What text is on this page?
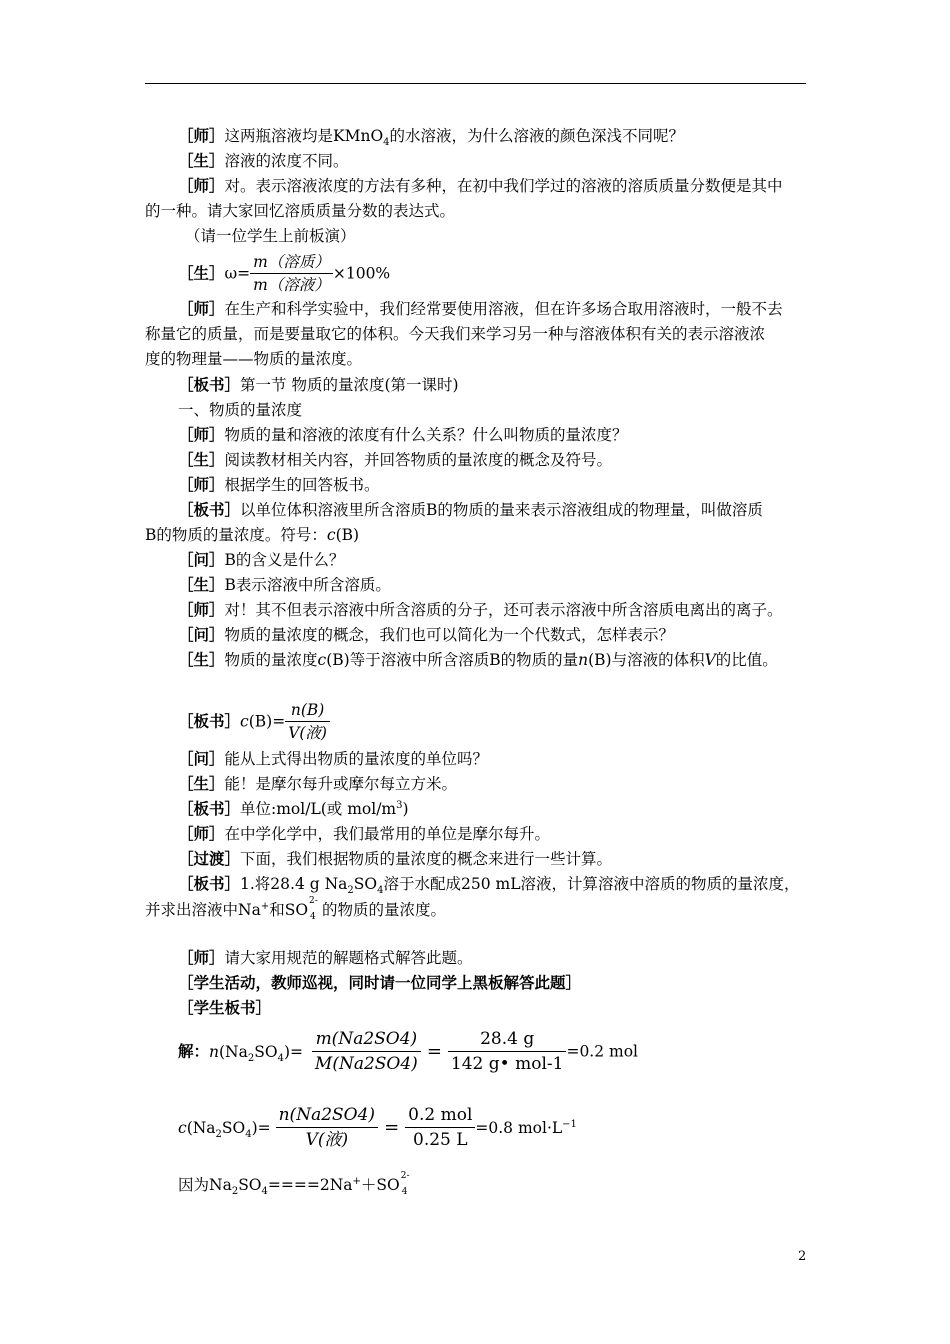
［师］这两瓶溶液均是KMnO$_4$的水溶液，为什么溶液的颜色深浅不同呢？
［生］溶液的浓度不同。
［师］对。表示溶液浓度的方法有多种，在初中我们学过的溶液的溶质质量分数便是其中
的一种。请大家回忆溶质质量分数的表达式。
（请一位学生上前板演）
［生］ω= $\frac{\text{m（溶质）}}{\text{m（溶液）}} \times 100\%$
［师］在生产和科学实验中，我们经常要使用溶液，但在许多场合取用溶液时，一般不去
称量它的质量，而是要量取它的体积。今天我们来学习另一种与溶液体积有关的表示溶液浓
度的物理量——物质的量浓度。
［板书］第一节 物质的量浓度(第一课时)
一、物质的量浓度
［师］物质的量和溶液的浓度有什么关系？什么叫物质的量浓度？
［生］阅读教材相关内容，并回答物质的量浓度的概念及符号。
［师］根据学生的回答板书。
［板书］以单位体积溶液里所含溶质B的物质的量来表示溶液组成的物理量，叫做溶质
B的物质的量浓度。符号：c(B)
［问］B的含义是什么？
［生］B表示溶液中所含溶质。
［师］对！其不但表示溶液中所含溶质的分子，还可表示溶液中所含溶质电离出的离子。
［问］物质的量浓度的概念，我们也可以简化为一个代数式，怎样表示？
［生］物质的量浓度c(B)等于溶液中所含溶质B的物质的量n(B)与溶液的体积V的比值。
［板书］c(B)= $\frac{n(B)}{\text{V(液)}}$
［问］能从上式得出物质的量浓度的单位吗？
［生］能！是摩尔每升或摩尔每立方米。
［板书］单位:mol/L(或 mol/$m^3$)
［师］在中学化学中，我们最常用的单位是摩尔每升。
［过渡］下面，我们根据物质的量浓度的概念来进行一些计算。
［板书］1.将28.4 g $Na_2SO_4$溶于水配成250 mL溶液，计算溶液中溶质的物质的量浓度，
并求出溶液中Na+和SO 2-
4 的物质的量浓度。
［师］请大家用规范的解题格式解答此题。
［学生活动，教师巡视，同时请一位同学上黑板解答此题］
［学生板书］
解：$n(Na_2SO_4)= \frac{m(Na2SO4)}{M(Na2SO4)} = \frac{28.4 g}{\text{142 g• mol-1}} =0.2$ mol
$c(Na_2SO_4)= \frac{n(Na2SO4)}{\text{V(液)}} = \frac{\text{0.2 mol}}{0.25 L} =0.8$ $mol\cdot L^{-1}$
因为$Na_2SO_4====2Na^++SO$ 2-
4
2
